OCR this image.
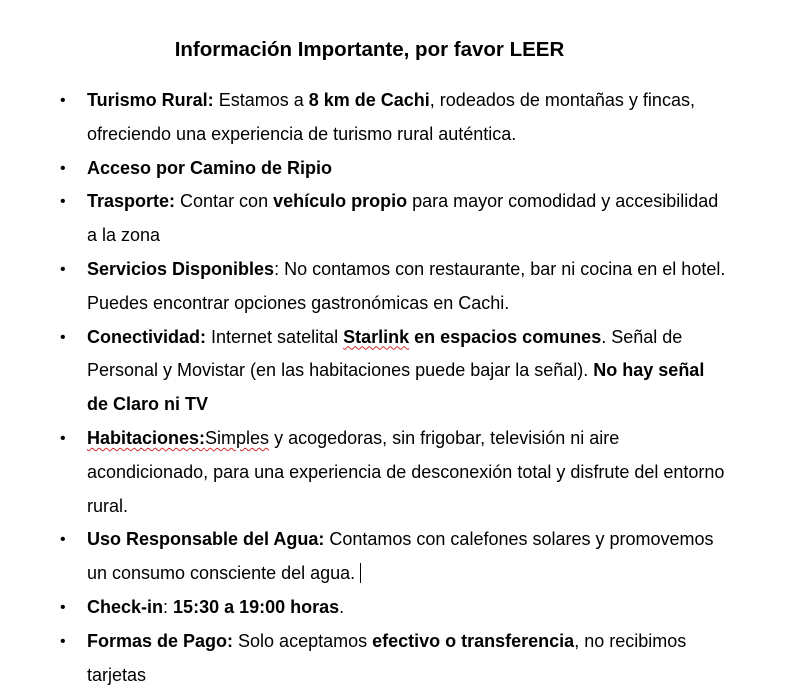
Información Importante, por favor LEER
• Turismo Rural: Estamos a 8 km de Cachi, rodeados de montañas y fincas, ofreciendo una experiencia de turismo rural auténtica.
• Acceso por Camino de Ripio
• Trasporte: Contar con vehículo propio para mayor comodidad y accesibilidad a la zona
• Servicios Disponibles: No contamos con restaurante, bar ni cocina en el hotel. Puedes encontrar opciones gastronómicas en Cachi.
• Conectividad: Internet satelital Starlink en espacios comunes. Señal de Personal y Movistar (en las habitaciones puede bajar la señal). No hay señal de Claro ni TV
• Habitaciones:Simples y acogedoras, sin frigobar, televisión ni aire acondicionado, para una experiencia de desconexión total y disfrute del entorno rural.
• Uso Responsable del Agua: Contamos con calefones solares y promovemos un consumo consciente del agua.
• Check-in: 15:30 a 19:00 horas.
• Formas de Pago: Solo aceptamos efectivo o transferencia, no recibimos tarjetas
